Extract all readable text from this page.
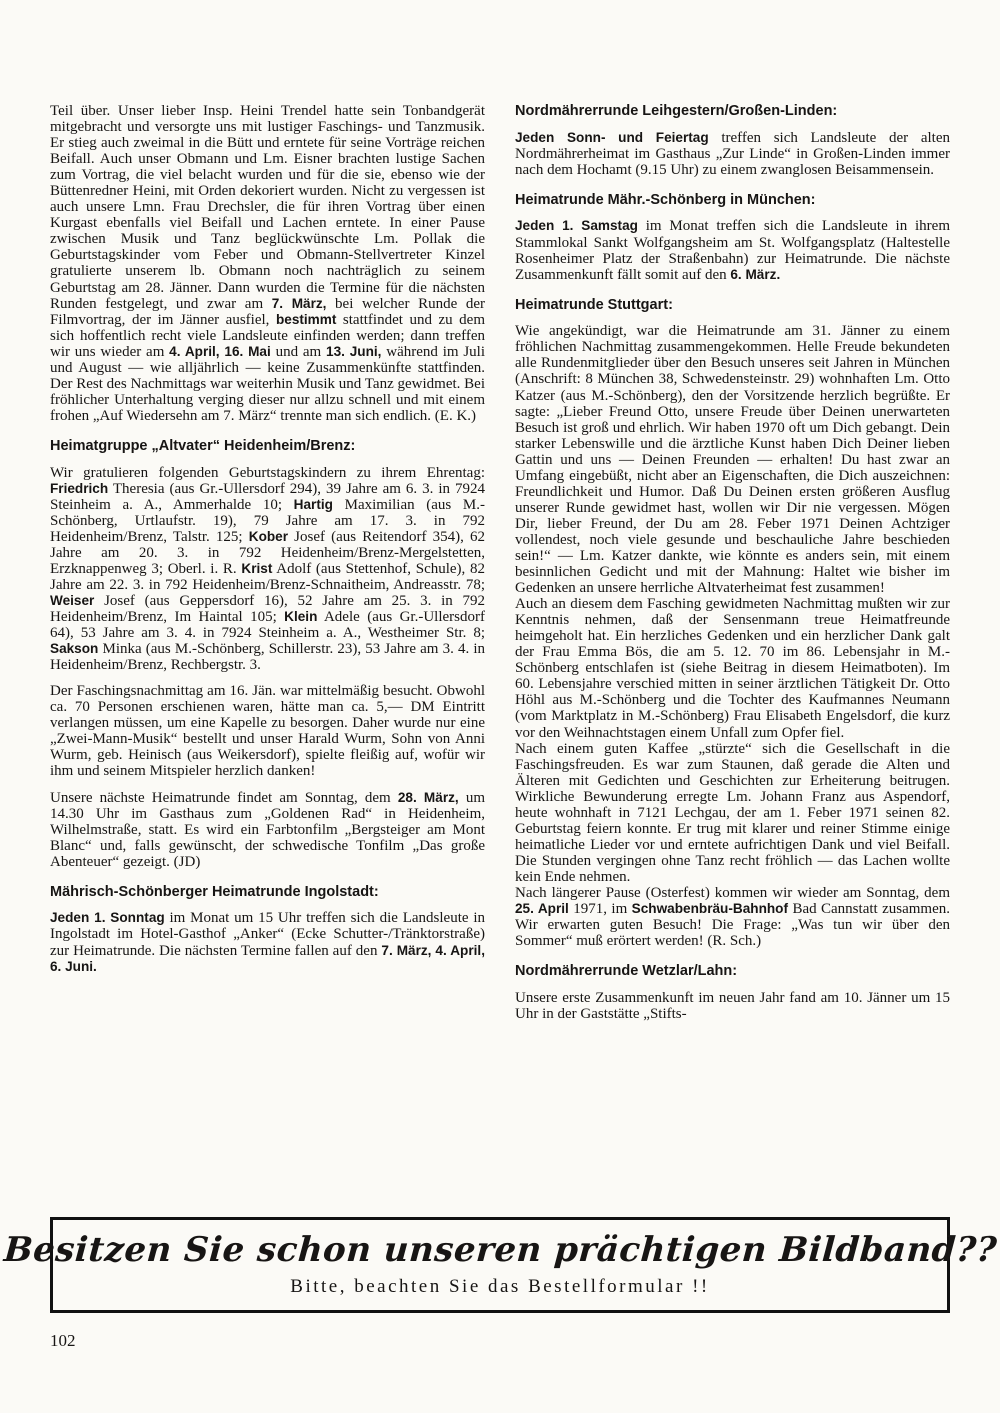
Teil über. Unser lieber Insp. Heini Trendel hatte sein Tonbandgerät mitgebracht und versorgte uns mit lustiger Faschings- und Tanzmusik. Er stieg auch zweimal in die Bütt und erntete für seine Vorträge reichen Beifall. Auch unser Obmann und Lm. Eisner brachten lustige Sachen zum Vortrag, die viel belacht wurden und für die sie, ebenso wie der Büttenredner Heini, mit Orden dekoriert wurden. Nicht zu vergessen ist auch unsere Lmn. Frau Drechsler, die für ihren Vortrag über einen Kurgast ebenfalls viel Beifall und Lachen erntete. In einer Pause zwischen Musik und Tanz beglückwünschte Lm. Pollak die Geburtstagskinder vom Feber und Obmann-Stellvertreter Kinzel gratulierte unserem lb. Obmann noch nachträglich zu seinem Geburtstag am 28. Jänner. Dann wurden die Termine für die nächsten Runden festgelegt, und zwar am 7. März, bei welcher Runde der Filmvortrag, der im Jänner ausfiel, bestimmt stattfindet und zu dem sich hoffentlich recht viele Landsleute einfinden werden; dann treffen wir uns wieder am 4. April, 16. Mai und am 13. Juni, während im Juli und August — wie alljährlich — keine Zusammenkünfte stattfinden. Der Rest des Nachmittags war weiterhin Musik und Tanz gewidmet. Bei fröhlicher Unterhaltung verging dieser nur allzu schnell und mit einem frohen „Auf Wiedersehn am 7. März“ trennte man sich endlich. (E. K.)

Heimatgruppe „Altvater“ Heidenheim/Brenz:

Wir gratulieren folgenden Geburtstagskindern zu ihrem Ehrentag: Friedrich Theresia (aus Gr.-Ullersdorf 294), 39 Jahre am 6. 3. in 7924 Steinheim a. A., Ammerhalde 10; Hartig Maximilian (aus M.-Schönberg, Urtlaufstr. 19), 79 Jahre am 17. 3. in 792 Heidenheim/Brenz, Talstr. 125; Kober Josef (aus Reitendorf 354), 62 Jahre am 20. 3. in 792 Heidenheim/Brenz-Mergelstetten, Erzknappenweg 3; Oberl. i. R. Krist Adolf (aus Stettenhof, Schule), 82 Jahre am 22. 3. in 792 Heidenheim/Brenz-Schnaitheim, Andreasstr. 78; Weiser Josef (aus Geppersdorf 16), 52 Jahre am 25. 3. in 792 Heidenheim/Brenz, Im Haintal 105; Klein Adele (aus Gr.-Ullersdorf 64), 53 Jahre am 3. 4. in 7924 Steinheim a. A., Westheimer Str. 8; Sakson Minka (aus M.-Schönberg, Schillerstr. 23), 53 Jahre am 3. 4. in Heidenheim/Brenz, Rechbergstr. 3.

Der Faschingsnachmittag am 16. Jän. war mittelmäßig besucht. Obwohl ca. 70 Personen erschienen waren, hätte man ca. 5,— DM Eintritt verlangen müssen, um eine Kapelle zu besorgen. Daher wurde nur eine „Zwei-Mann-Musik“ bestellt und unser Harald Wurm, Sohn von Anni Wurm, geb. Heinisch (aus Weikersdorf), spielte fleißig auf, wofür wir ihm und seinem Mitspieler herzlich danken!

Unsere nächste Heimatrunde findet am Sonntag, dem 28. März, um 14.30 Uhr im Gasthaus zum „Goldenen Rad“ in Heidenheim, Wilhelmstraße, statt. Es wird ein Farbtonfilm „Bergsteiger am Mont Blanc“ und, falls gewünscht, der schwedische Tonfilm „Das große Abenteuer“ gezeigt. (JD)

Mährisch-Schönberger Heimatrunde Ingolstadt:

Jeden 1. Sonntag im Monat um 15 Uhr treffen sich die Landsleute in Ingolstadt im Hotel-Gasthof „Anker“ (Ecke Schutter-/Tränktorstraße) zur Heimatrunde. Die nächsten Termine fallen auf den 7. März, 4. April, 6. Juni.

Nordmährerrunde Leihgestern/Großen-Linden:

Jeden Sonn- und Feiertag treffen sich Landsleute der alten Nordmährerheimat im Gasthaus „Zur Linde“ in Großen-Linden immer nach dem Hochamt (9.15 Uhr) zu einem zwanglosen Beisammensein.

Heimatrunde Mähr.-Schönberg in München:

Jeden 1. Samstag im Monat treffen sich die Landsleute in ihrem Stammlokal Sankt Wolfgangsheim am St. Wolfgangsplatz (Haltestelle Rosenheimer Platz der Straßenbahn) zur Heimatrunde. Die nächste Zusammenkunft fällt somit auf den 6. März.

Heimatrunde Stuttgart:

Wie angekündigt, war die Heimatrunde am 31. Jänner zu einem fröhlichen Nachmittag zusammengekommen. Helle Freude bekundeten alle Rundenmitglieder über den Besuch unseres seit Jahren in München (Anschrift: 8 München 38, Schwedensteinstr. 29) wohnhaften Lm. Otto Katzer (aus M.-Schönberg), den der Vorsitzende herzlich begrüßte. Er sagte: „Lieber Freund Otto, unsere Freude über Deinen unerwarteten Besuch ist groß und ehrlich. Wir haben 1970 oft um Dich gebangt. Dein starker Lebenswille und die ärztliche Kunst haben Dich Deiner lieben Gattin und uns — Deinen Freunden — erhalten! Du hast zwar an Umfang eingebüßt, nicht aber an Eigenschaften, die Dich auszeichnen: Freundlichkeit und Humor. Daß Du Deinen ersten größeren Ausflug unserer Runde gewidmet hast, wollen wir Dir nie vergessen. Mögen Dir, lieber Freund, der Du am 28. Feber 1971 Deinen Achtziger vollendest, noch viele gesunde und beschauliche Jahre beschieden sein!“ — Lm. Katzer dankte, wie könnte es anders sein, mit einem besinnlichen Gedicht und mit der Mahnung: Haltet wie bisher im Gedenken an unsere herrliche Altvaterheimat fest zusammen!

Auch an diesem dem Fasching gewidmeten Nachmittag mußten wir zur Kenntnis nehmen, daß der Sensenmann treue Heimatfreunde heimgeholt hat. Ein herzliches Gedenken und ein herzlicher Dank galt der Frau Emma Bös, die am 5. 12. 70 im 86. Lebensjahr in M.-Schönberg entschlafen ist (siehe Beitrag in diesem Heimatboten). Im 60. Lebensjahre verschied mitten in seiner ärztlichen Tätigkeit Dr. Otto Höhl aus M.-Schönberg und die Tochter des Kaufmannes Neumann (vom Marktplatz in M.-Schönberg) Frau Elisabeth Engelsdorf, die kurz vor den Weihnachtstagen einem Unfall zum Opfer fiel.

Nach einem guten Kaffee „stürzte“ sich die Gesellschaft in die Faschingsfreuden. Es war zum Staunen, daß gerade die Alten und Älteren mit Gedichten und Geschichten zur Erheiterung beitrugen. Wirkliche Bewunderung erregte Lm. Johann Franz aus Aspendorf, heute wohnhaft in 7121 Lechgau, der am 1. Feber 1971 seinen 82. Geburtstag feiern konnte. Er trug mit klarer und reiner Stimme einige heimatliche Lieder vor und erntete aufrichtigen Dank und viel Beifall. Die Stunden vergingen ohne Tanz recht fröhlich — das Lachen wollte kein Ende nehmen.

Nach längerer Pause (Osterfest) kommen wir wieder am Sonntag, dem 25. April 1971, im Schwabenbräu-Bahnhof Bad Cannstatt zusammen. Wir erwarten guten Besuch! Die Frage: „Was tun wir über den Sommer“ muß erörtert werden! (R. Sch.)

Nordmährerrunde Wetzlar/Lahn:

Unsere erste Zusammenkunft im neuen Jahr fand am 10. Jänner um 15 Uhr in der Gaststätte „Stifts-

Besitzen Sie schon unseren prächtigen Bildband??
Bitte, beachten Sie das Bestellformular !!
102
